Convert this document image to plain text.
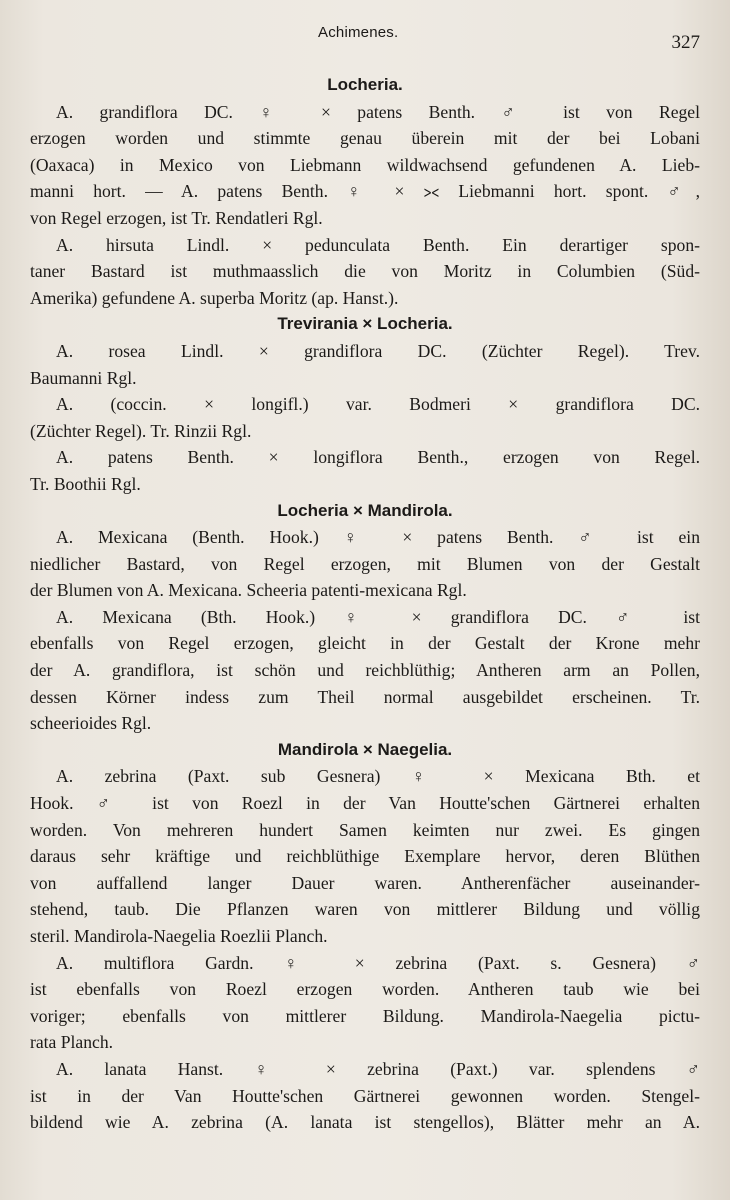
Achimenes.	327
Locheria.

A. grandiflora DC. ♀ × patens Benth. ♂ ist von Regel
erzogen worden und stimmte genau überein mit der bei Lobani
(Oaxaca) in Mexico von Liebmann wildwachsend gefundenen A. Lieb-
manni hort. — A. patens Benth. ♀ × ⪥ Liebmanni hort. spont. ♂,
von Regel erzogen, ist Tr. Rendatleri Rgl.

A. hirsuta Lindl. × pedunculata Benth. Ein derartiger spon-
taner Bastard ist muthmaasslich die von Moritz in Columbien (Süd-
Amerika) gefundene A. superba Moritz (ap. Hanst.).

Trevirania × Locheria.

A. rosea Lindl. × grandiflora DC. (Züchter Regel). Trev.
Baumanni Rgl.

A. (coccin. × longifl.) var. Bodmeri × grandiflora DC.
(Züchter Regel). Tr. Rinzii Rgl.

A. patens Benth. × longiflora Benth., erzogen von Regel.
Tr. Boothii Rgl.

Locheria × Mandirola.

A. Mexicana (Benth. Hook.) ♀ × patens Benth. ♂ ist ein
niedlicher Bastard, von Regel erzogen, mit Blumen von der Gestalt
der Blumen von A. Mexicana. Scheeria patenti-mexicana Rgl.

A. Mexicana (Bth. Hook.) ♀ × grandiflora DC. ♂ ist
ebenfalls von Regel erzogen, gleicht in der Gestalt der Krone mehr
der A. grandiflora, ist schön und reichblüthig; Antheren arm an Pollen,
dessen Körner indess zum Theil normal ausgebildet erscheinen. Tr.
scheerioides Rgl.

Mandirola × Naegelia.

A. zebrina (Paxt. sub Gesnera) ♀ × Mexicana Bth. et
Hook. ♂ ist von Roezl in der Van Houtte'schen Gärtnerei erhalten
worden. Von mehreren hundert Samen keimten nur zwei. Es gingen
daraus sehr kräftige und reichblüthige Exemplare hervor, deren Blüthen
von auffallend langer Dauer waren. Antherenfächer auseinander-
stehend, taub. Die Pflanzen waren von mittlerer Bildung und völlig
steril. Mandirola-Naegelia Roezlii Planch.

A. multiflora Gardn. ♀ × zebrina (Paxt. s. Gesnera) ♂
ist ebenfalls von Roezl erzogen worden. Antheren taub wie bei
voriger; ebenfalls von mittlerer Bildung. Mandirola-Naegelia pictu-
rata Planch.

A. lanata Hanst. ♀ × zebrina (Paxt.) var. splendens ♂
ist in der Van Houtte'schen Gärtnerei gewonnen worden. Stengel-
bildend wie A. zebrina (A. lanata ist stengellos), Blätter mehr an A.
